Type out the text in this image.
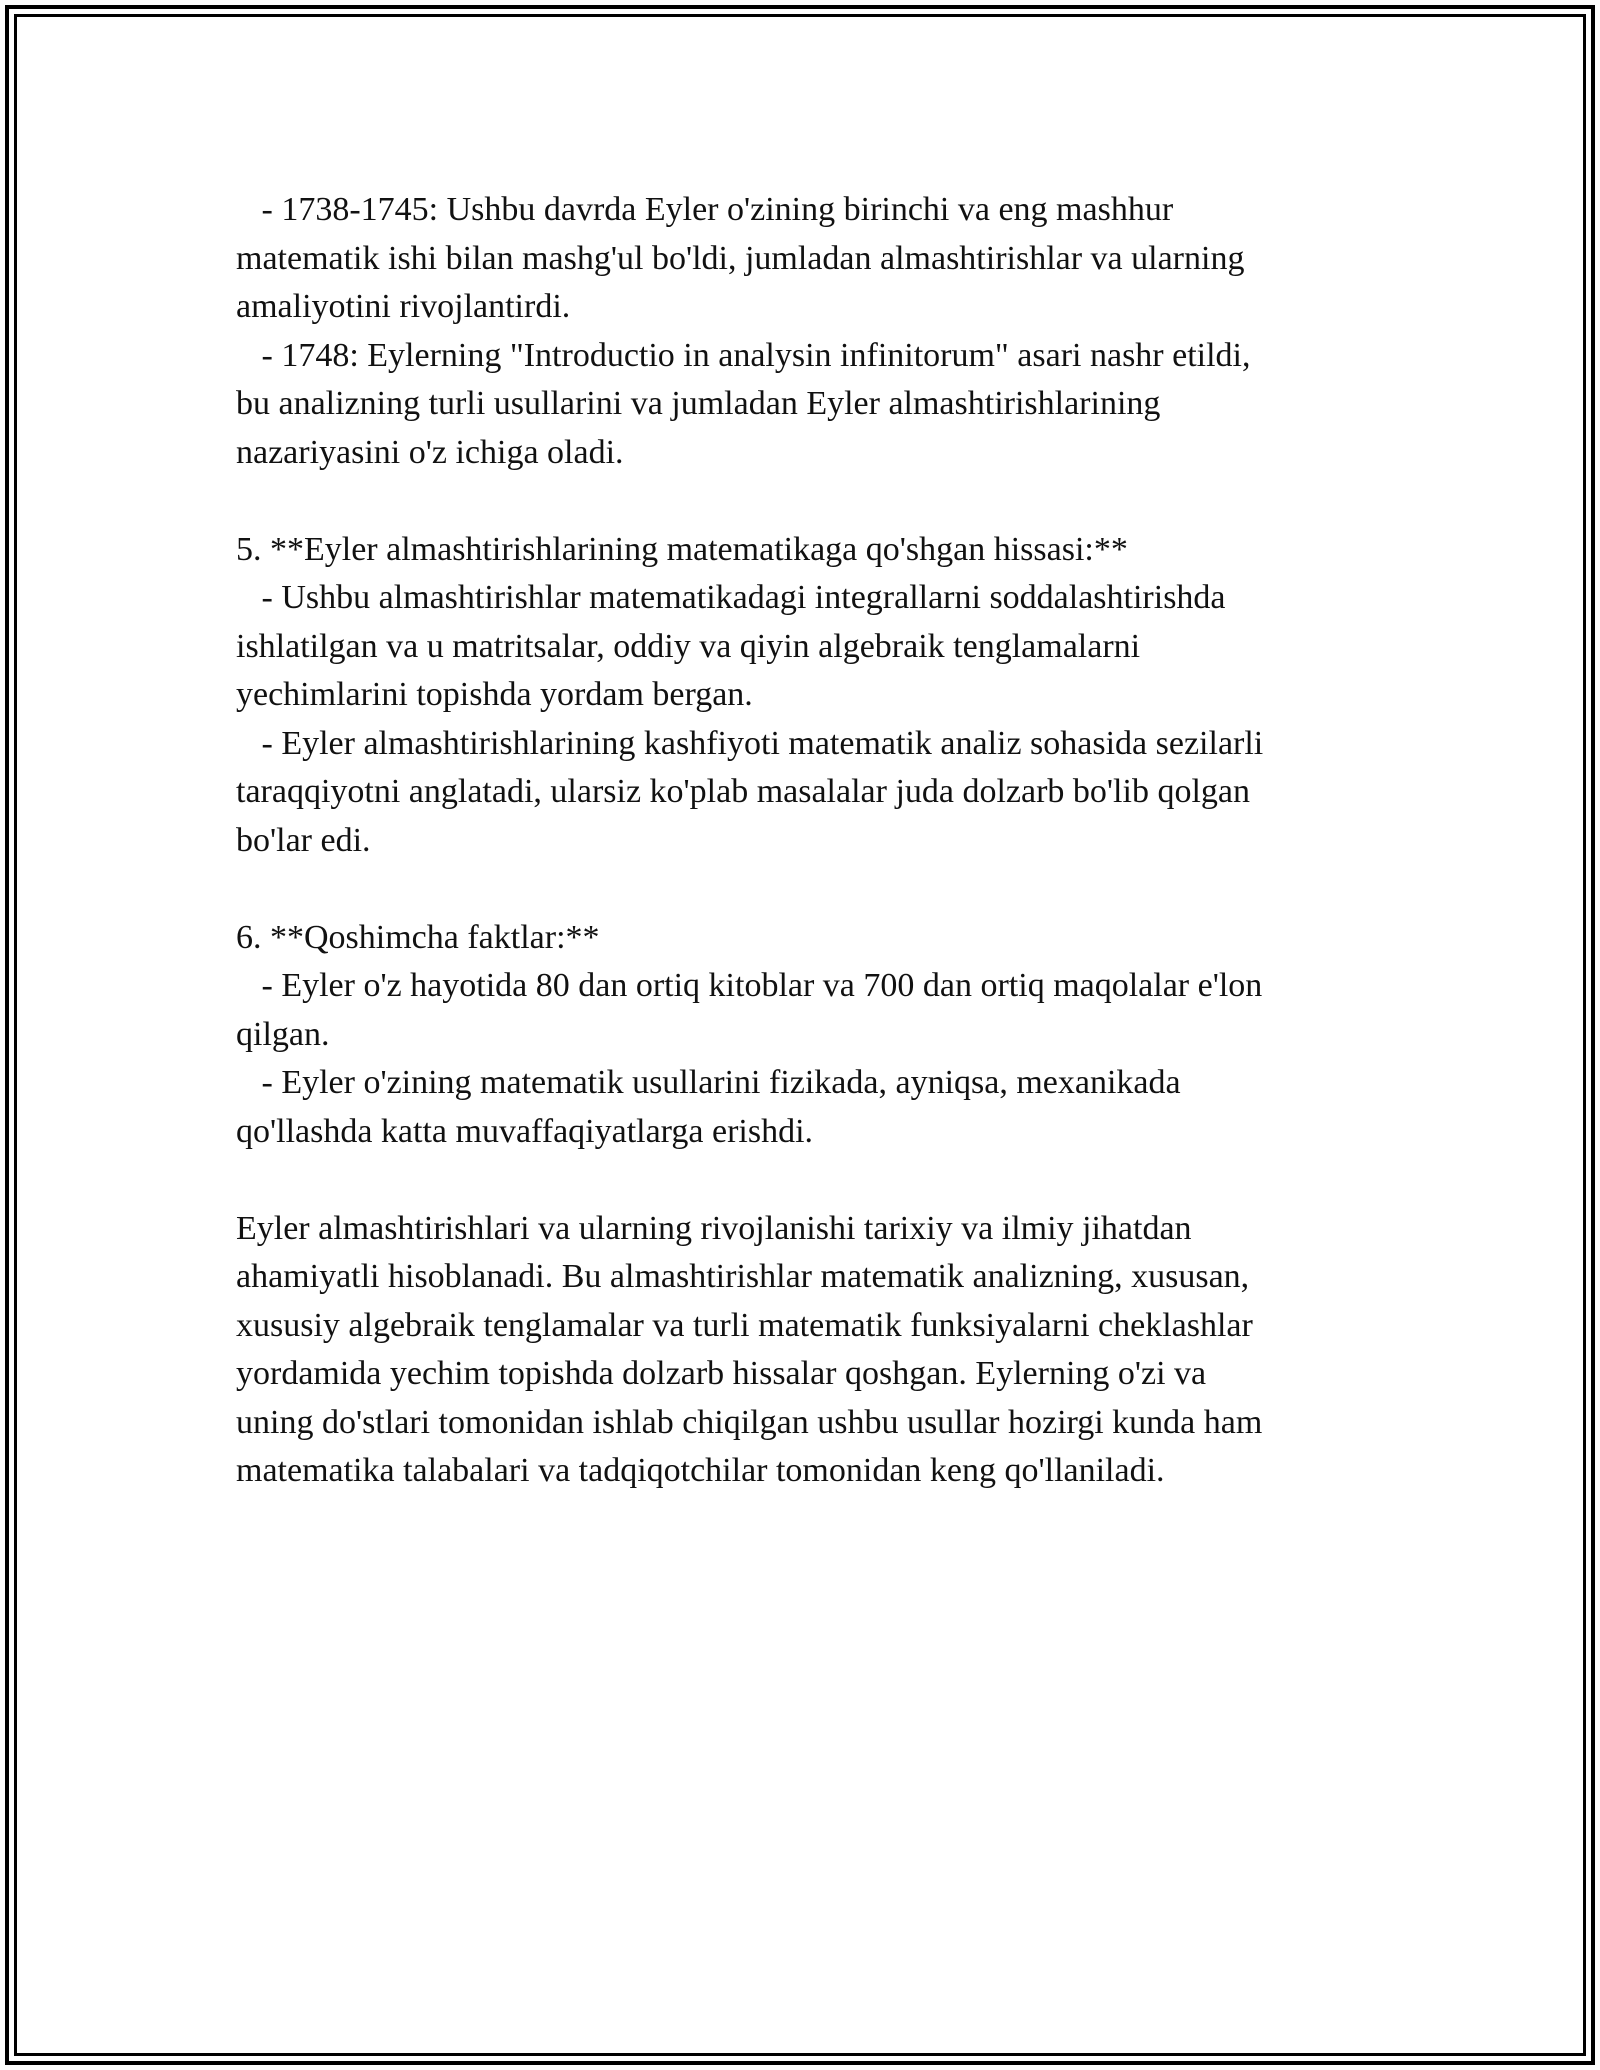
- 1738-1745: Ushbu davrda Eyler o'zining birinchi va eng mashhur
matematik ishi bilan mashg'ul bo'ldi, jumladan almashtirishlar va ularning
amaliyotini rivojlantirdi.
- 1748: Eylerning "Introductio in analysin infinitorum" asari nashr etildi,
bu analizning turli usullarini va jumladan Eyler almashtirishlarining
nazariyasini o'z ichiga oladi.
5. **Eyler almashtirishlarining matematikaga qo'shgan hissasi:**
- Ushbu almashtirishlar matematikadagi integrallarni soddalashtirishda
ishlatilgan va u matritsalar, oddiy va qiyin algebraik tenglamalarni
yechimlarini topishda yordam bergan.
- Eyler almashtirishlarining kashfiyoti matematik analiz sohasida sezilarli
taraqqiyotni anglatadi, ularsiz ko'plab masalalar juda dolzarb bo'lib qolgan
bo'lar edi.
6. **Qoshimcha faktlar:**
- Eyler o'z hayotida 80 dan ortiq kitoblar va 700 dan ortiq maqolalar e'lon
qilgan.
- Eyler o'zining matematik usullarini fizikada, ayniqsa, mexanikada
qo'llashda katta muvaffaqiyatlarga erishdi.
Eyler almashtirishlari va ularning rivojlanishi tarixiy va ilmiy jihatdan
ahamiyatli hisoblanadi. Bu almashtirishlar matematik analizning, xususan,
xususiy algebraik tenglamalar va turli matematik funksiyalarni cheklashlar
yordamida yechim topishda dolzarb hissalar qoshgan. Eylerning o'zi va
uning do'stlari tomonidan ishlab chiqilgan ushbu usullar hozirgi kunda ham
matematika talabalari va tadqiqotchilar tomonidan keng qo'llaniladi.
